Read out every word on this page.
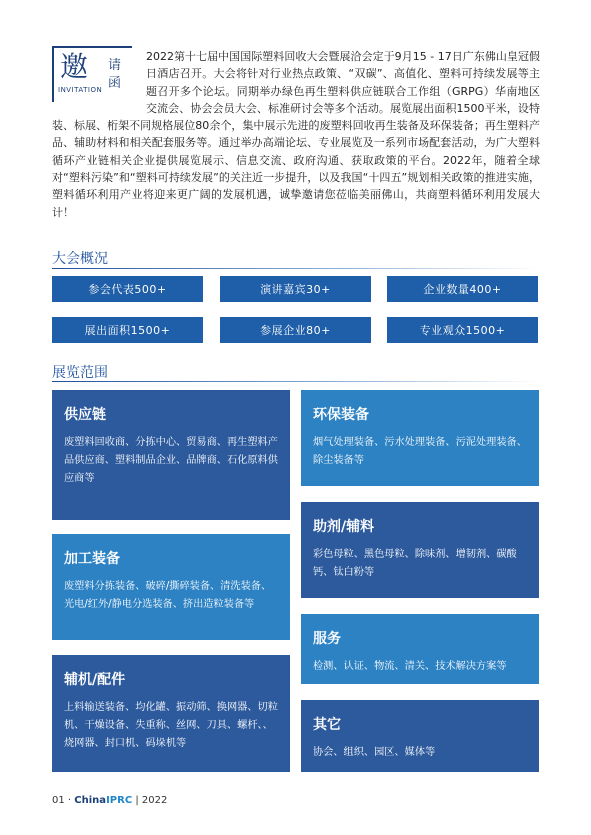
邀 请
函
INVITATION

2022第十七届中国国际塑料回收大会暨展洽会定于9月15 - 17日广东佛山皇冠假日酒店召开。大会将针对行业热点政策、“双碳”、高值化、塑料可持续发展等主题召开多个论坛。同期举办绿色再生塑料供应链联合工作组（GRPG）华南地区交流会、协会会员大会、标准研讨会等多个活动。展览展出面积1500平米，设特装、标展、桁架不同规格展位80余个，集中展示先进的废塑料回收再生装备及环保装备；再生塑料产品、辅助材料和相关配套服务等。通过举办高端论坛、专业展览及一系列市场配套活动，为广大塑料循环产业链相关企业提供展览展示、信息交流、政府沟通、获取政策的平台。2022年，随着全球对“塑料污染”和“塑料可持续发展”的关注近一步提升，以及我国“十四五”规划相关政策的推进实施，塑料循环利用产业将迎来更广阔的发展机遇，诚挚邀请您莅临美丽佛山，共商塑料循环利用发展大计！

大会概况
参会代表500+	演讲嘉宾30+	企业数量400+
展出面积1500+	参展企业80+	专业观众1500+
展览范围
供应链

废塑料回收商、分拣中心、贸易商、再生塑料产品供应商、塑料制品企业、品牌商、石化原料供应商等

加工装备

废塑料分拣装备、破碎/撕碎装备、清洗装备、光电/红外/静电分选装备、挤出造粒装备等

辅机/配件

上料输送装备、均化罐、振动筛、换网器、切粒机、干燥设备、失重称、丝网、刀具、螺杆、、烧网器、封口机、码垛机等

环保装备

烟气处理装备、污水处理装备、污泥处理装备、除尘装备等

助剂/辅料

彩色母粒、黑色母粒、除味剂、增韧剂、碳酸钙、钛白粉等

服务

检测、认证、物流、清关、技术解决方案等

其它

协会、组织、园区、媒体等

01 · ChinaIPRC | 2022
